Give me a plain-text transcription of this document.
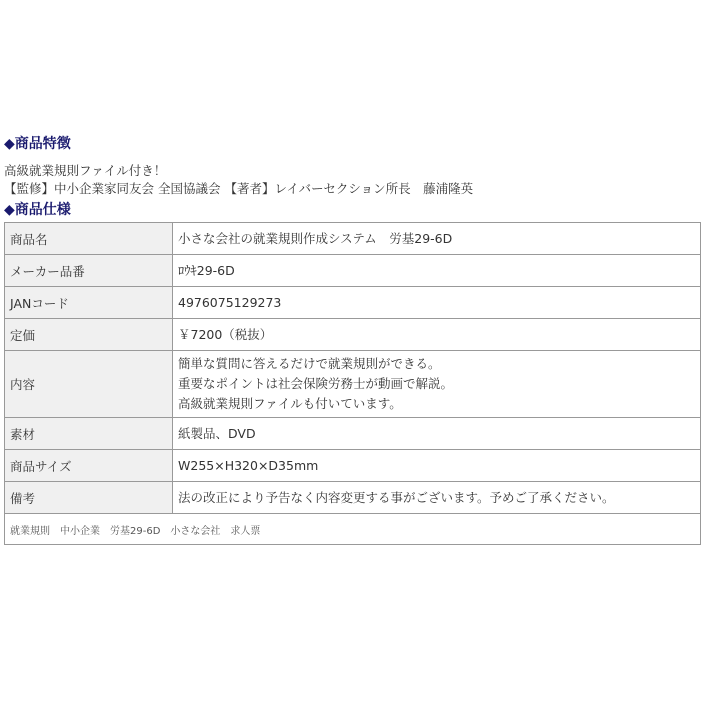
◆商品特徴
高級就業規則ファイル付き！
【監修】中小企業家同友会 全国協議会 【著者】レイバーセクション所長　藤浦隆英
◆商品仕様
商品名	小さな会社の就業規則作成システム　労基29-6D

メーカー品番	ﾛｳｷ29-6D

JANコード	4976075129273

定価	￥7200（税抜）

内容	簡単な質問に答えるだけで就業規則ができる。
重要なポイントは社会保険労務士が動画で解説。
高級就業規則ファイルも付いています。

素材	紙製品、DVD

商品サイズ	W255×H320×D35mm

備考	法の改正により予告なく内容変更する事がございます。予めご了承ください。
就業規則　中小企業　労基29-6D　小さな会社　求人票
